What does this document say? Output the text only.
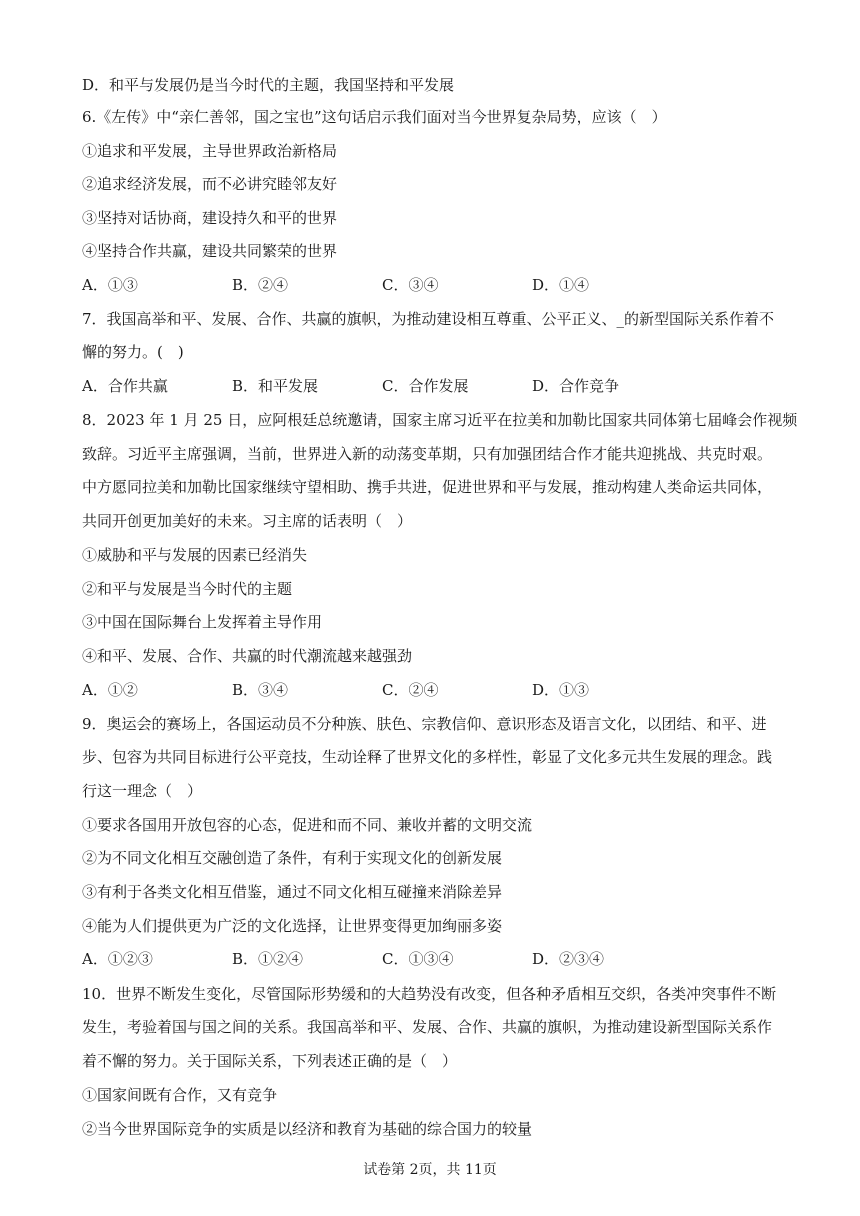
D．和平与发展仍是当今时代的主题，我国坚持和平发展
6.《左传》中“亲仁善邻，国之宝也”这句话启示我们面对当今世界复杂局势，应该（　）
①追求和平发展，主导世界政治新格局
②追求经济发展，而不必讲究睦邻友好
③坚持对话协商，建设持久和平的世界
④坚持合作共赢，建设共同繁荣的世界
A．①③	B．②④	C．③④	D．①④
7．我国高举和平、发展、合作、共赢的旗帜，为推动建设相互尊重、公平正义、_的新型国际关系作着不
懈的努力。(　)
A．合作共赢	B．和平发展	C．合作发展	D．合作竞争
8．2023 年 1 月 25 日，应阿根廷总统邀请，国家主席习近平在拉美和加勒比国家共同体第七届峰会作视频
致辞。习近平主席强调，当前，世界进入新的动荡变革期，只有加强团结合作才能共迎挑战、共克时艰。
中方愿同拉美和加勒比国家继续守望相助、携手共进，促进世界和平与发展，推动构建人类命运共同体，
共同开创更加美好的未来。习主席的话表明（　）
①威胁和平与发展的因素已经消失
②和平与发展是当今时代的主题
③中国在国际舞台上发挥着主导作用
④和平、发展、合作、共赢的时代潮流越来越强劲
A．①②	B．③④	C．②④	D．①③
9．奥运会的赛场上，各国运动员不分种族、肤色、宗教信仰、意识形态及语言文化，以团结、和平、进
步、包容为共同目标进行公平竞技，生动诠释了世界文化的多样性，彰显了文化多元共生发展的理念。践
行这一理念（　）
①要求各国用开放包容的心态，促进和而不同、兼收并蓄的文明交流
②为不同文化相互交融创造了条件，有利于实现文化的创新发展
③有利于各类文化相互借鉴，通过不同文化相互碰撞来消除差异
④能为人们提供更为广泛的文化选择，让世界变得更加绚丽多姿
A．①②③	B．①②④	C．①③④	D．②③④
10．世界不断发生变化，尽管国际形势缓和的大趋势没有改变，但各种矛盾相互交织，各类冲突事件不断
发生，考验着国与国之间的关系。我国高举和平、发展、合作、共赢的旗帜，为推动建设新型国际关系作
着不懈的努力。关于国际关系，下列表述正确的是（　）
①国家间既有合作，又有竞争
②当今世界国际竞争的实质是以经济和教育为基础的综合国力的较量
试卷第 2页，共 11页
